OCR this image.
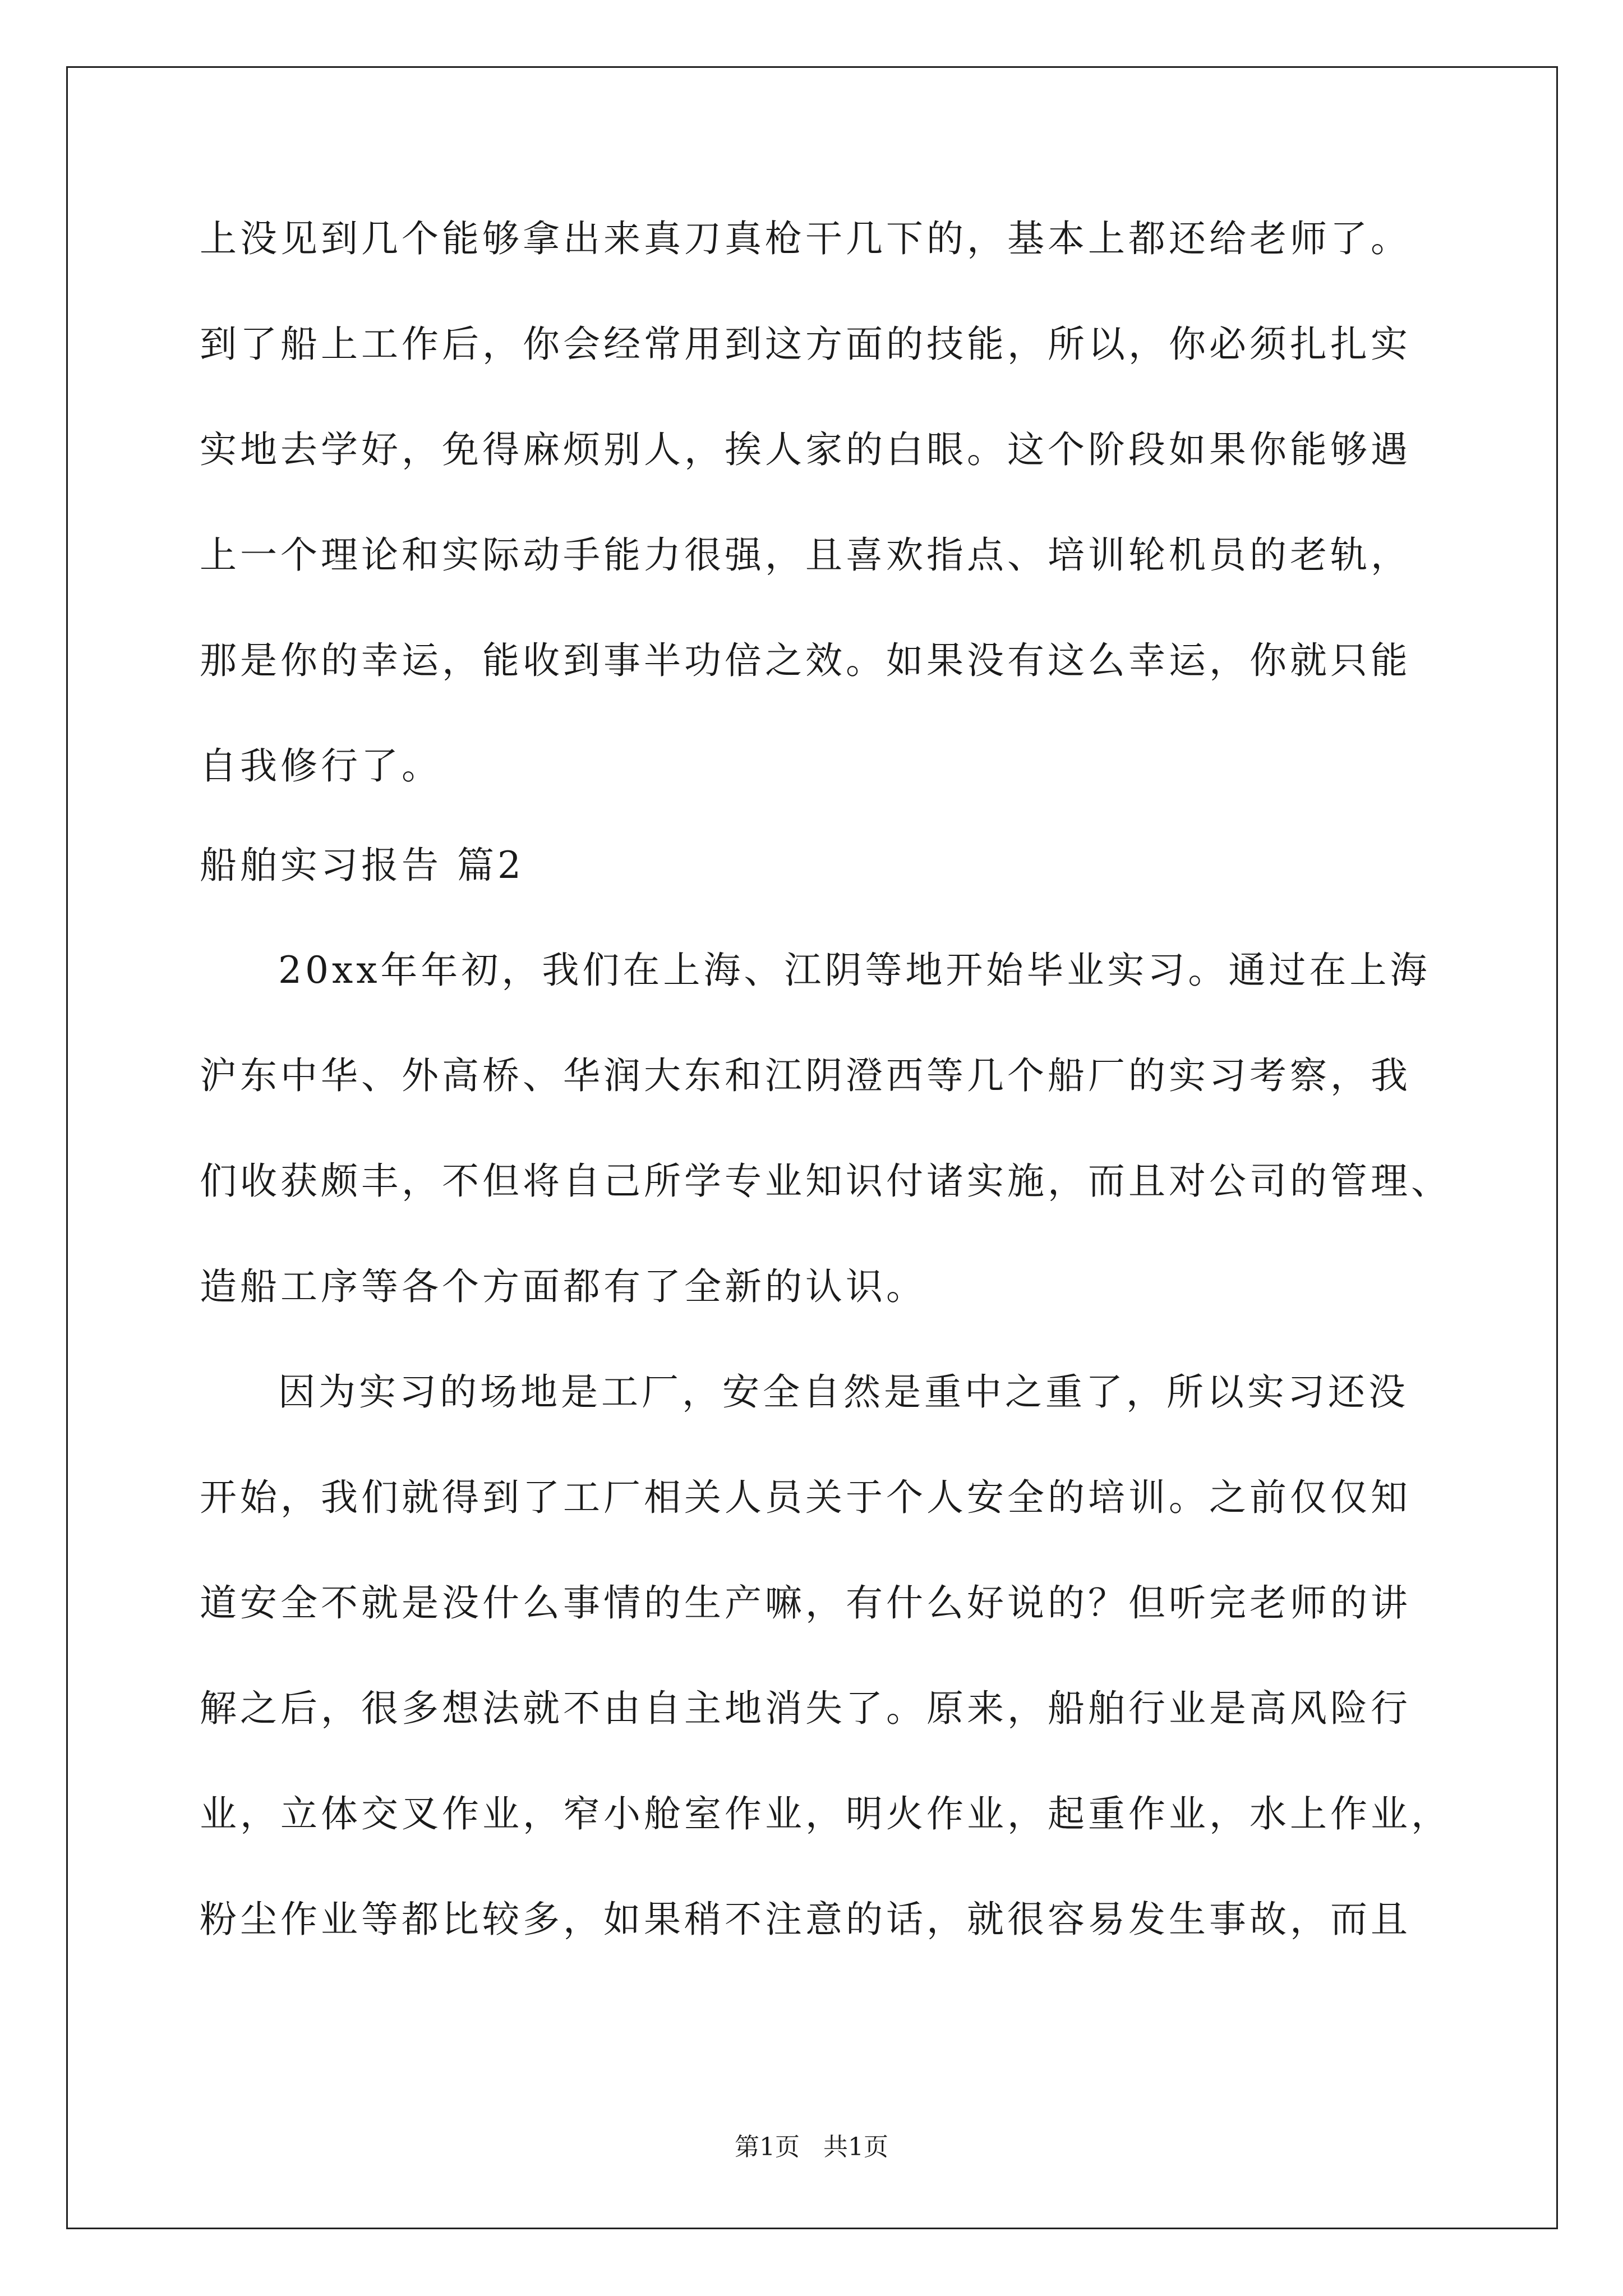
上没见到几个能够拿出来真刀真枪干几下的，基本上都还给老师了。
到了船上工作后，你会经常用到这方面的技能，所以，你必须扎扎实
实地去学好，免得麻烦别人，挨人家的白眼。这个阶段如果你能够遇
上一个理论和实际动手能力很强，且喜欢指点、培训轮机员的老轨，
那是你的幸运，能收到事半功倍之效。如果没有这么幸运，你就只能
自我修行了。
船舶实习报告 篇2
20xx年年初，我们在上海、江阴等地开始毕业实习。通过在上海
沪东中华、外高桥、华润大东和江阴澄西等几个船厂的实习考察，我
们收获颇丰，不但将自己所学专业知识付诸实施，而且对公司的管理、
造船工序等各个方面都有了全新的认识。
因为实习的场地是工厂，安全自然是重中之重了，所以实习还没
开始，我们就得到了工厂相关人员关于个人安全的培训。之前仅仅知
道安全不就是没什么事情的生产嘛，有什么好说的？但听完老师的讲
解之后，很多想法就不由自主地消失了。原来，船舶行业是高风险行
业，立体交叉作业，窄小舱室作业，明火作业，起重作业，水上作业，
粉尘作业等都比较多，如果稍不注意的话，就很容易发生事故，而且
第1页   共1页
